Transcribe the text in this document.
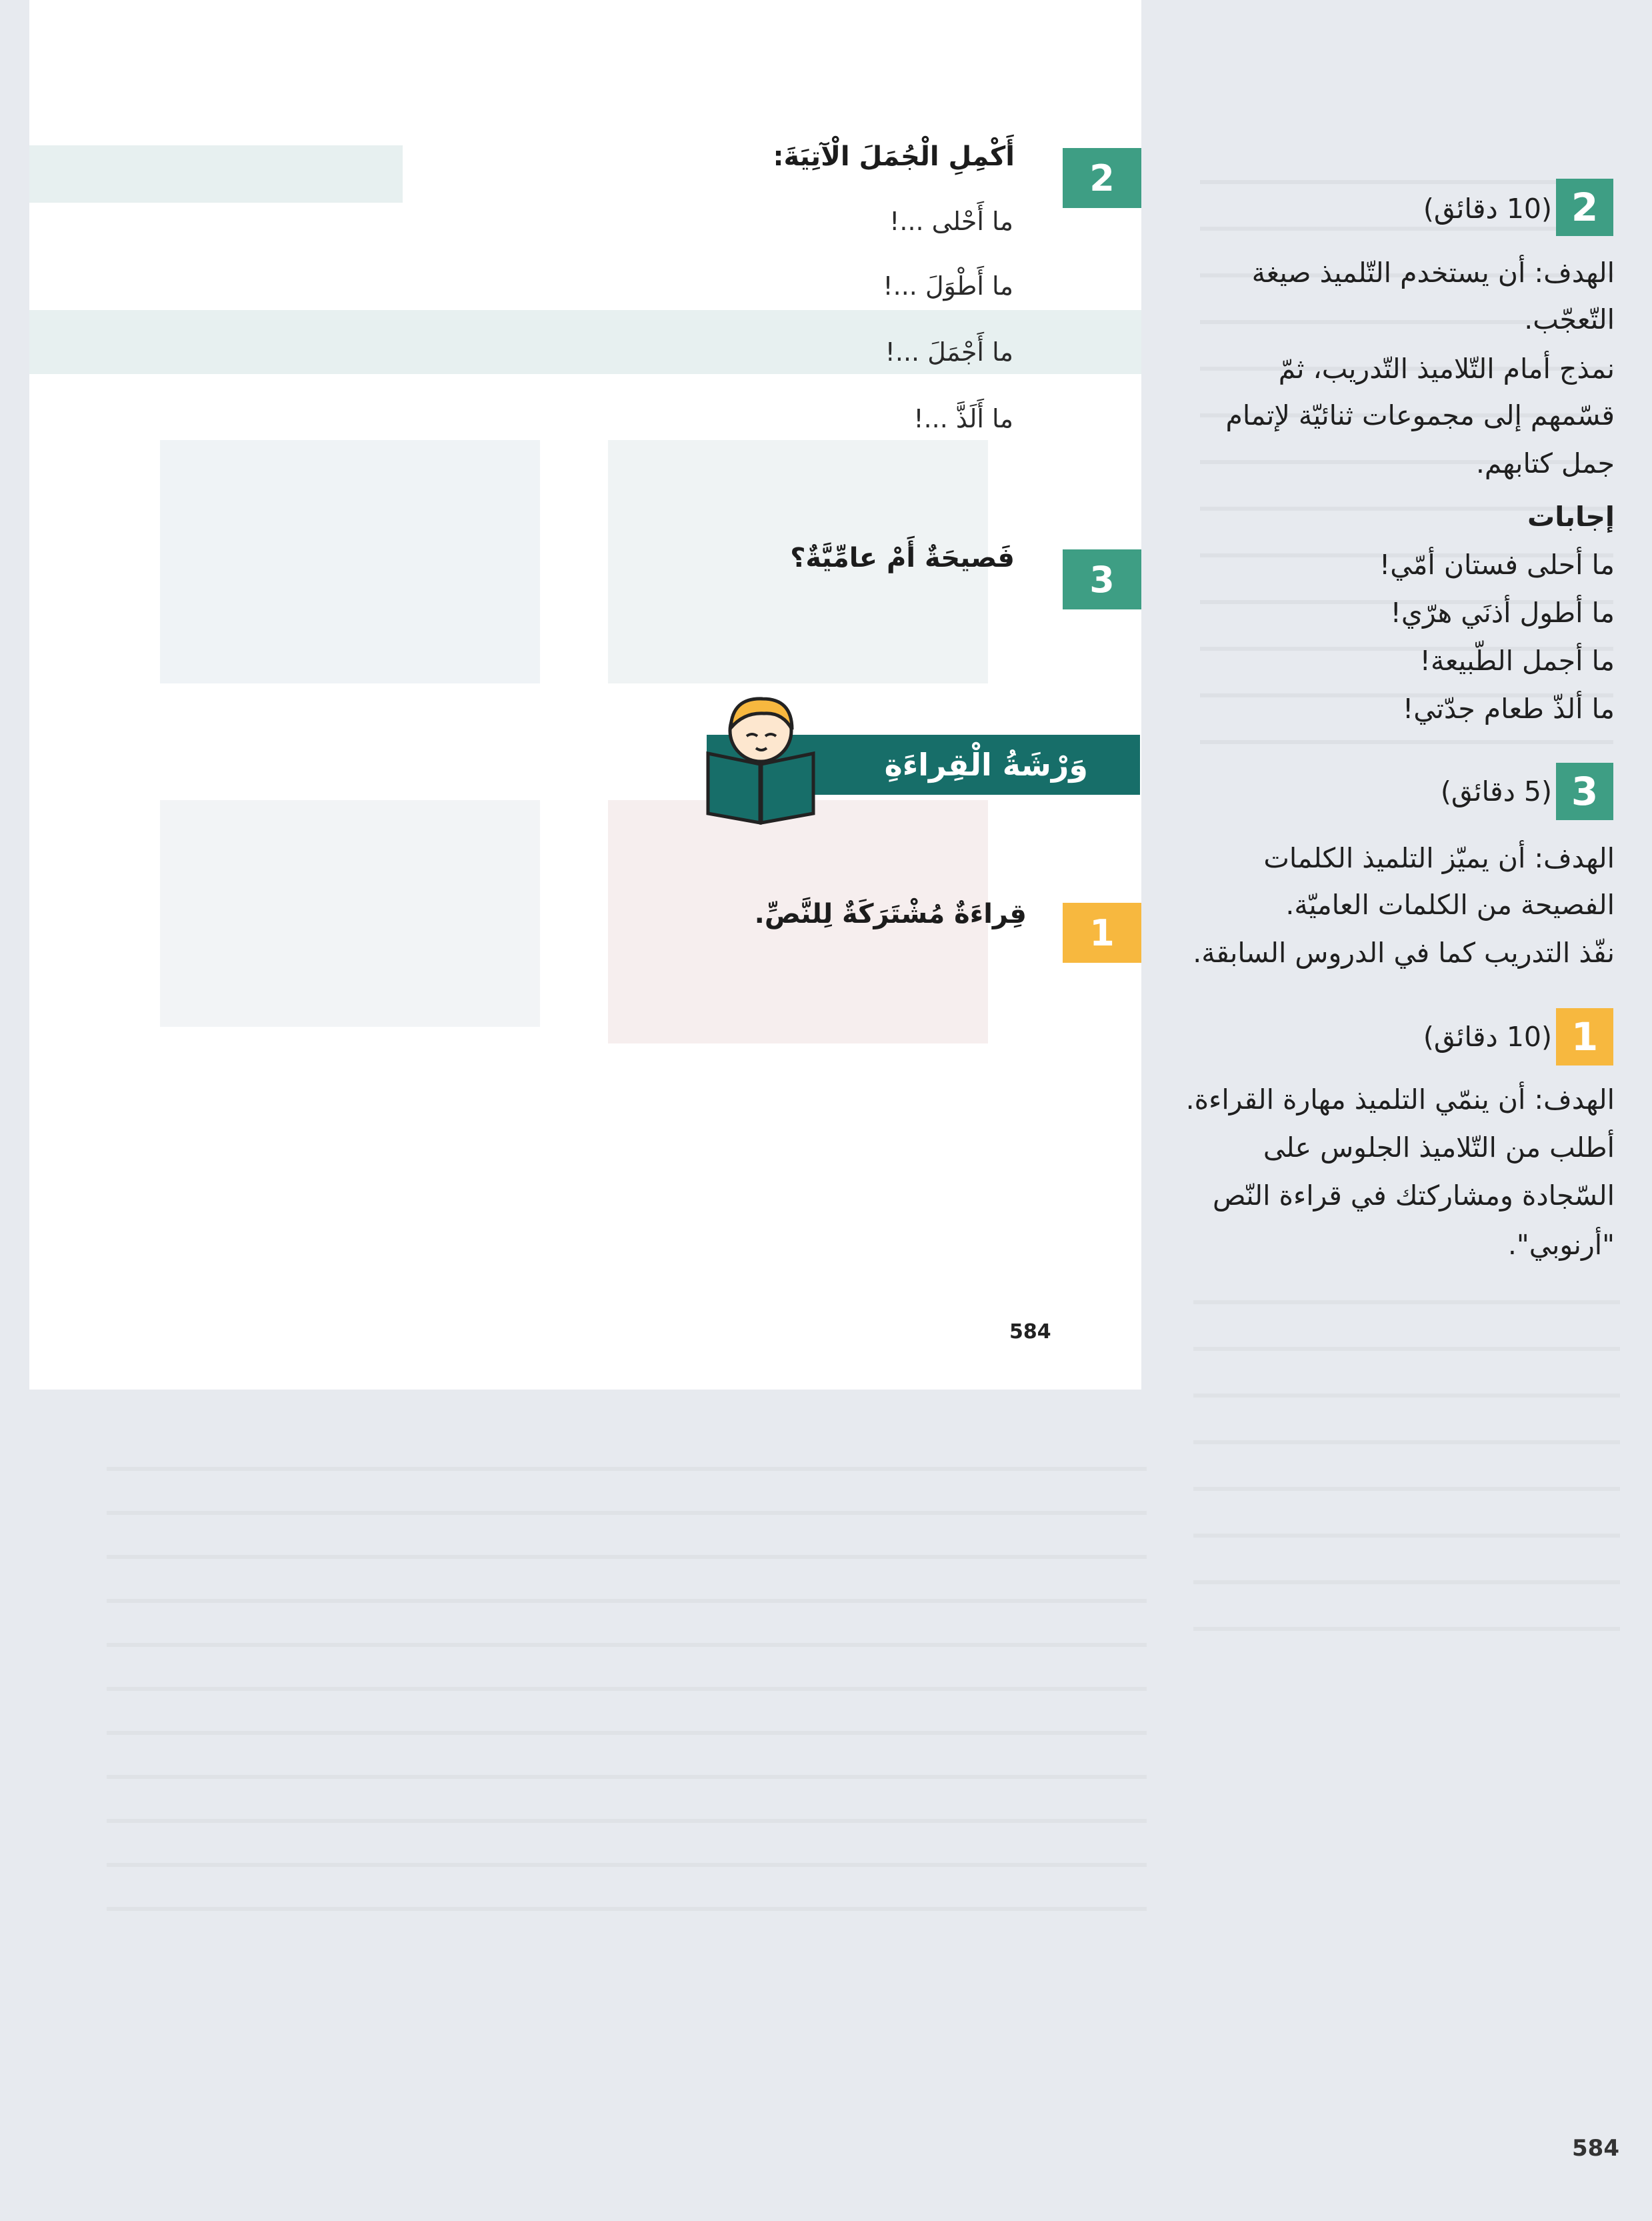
2
أَكْمِلِ الْجُمَلَ الْآتِيَةَ:
ما أَحْلى ...!
ما أَطْوَلَ ...!
ما أَجْمَلَ ...!
ما أَلَذَّ ...!
3
فَصيحَةٌ أَمْ عامِّيَّةٌ؟
وَرْشَةُ الْقِراءَةِ
1
قِراءَةٌ مُشْتَرَكَةٌ لِلنَّصِّ.
584
2
(10 دقائق)
الهدف: أن يستخدم التّلميذ صيغة
التّعجّب.
نمذج أمام التّلاميذ التّدريب، ثمّ
قسّمهم إلى مجموعات ثنائيّة لإتمام
جمل كتابهم.
إجابات
ما أحلى فستان أمّي!
ما أطول أذنَي هرّي!
ما أجمل الطّبيعة!
ما ألذّ طعام جدّتي!
3
(5 دقائق)
الهدف: أن يميّز التلميذ الكلمات
الفصيحة من الكلمات العاميّة.
نفّذ التدريب كما في الدروس السابقة.
1
(10 دقائق)
الهدف: أن ينمّي التلميذ مهارة القراءة.
أطلب من التّلاميذ الجلوس على
السّجادة ومشاركتك في قراءة النّص
"أرنوبي".
584
